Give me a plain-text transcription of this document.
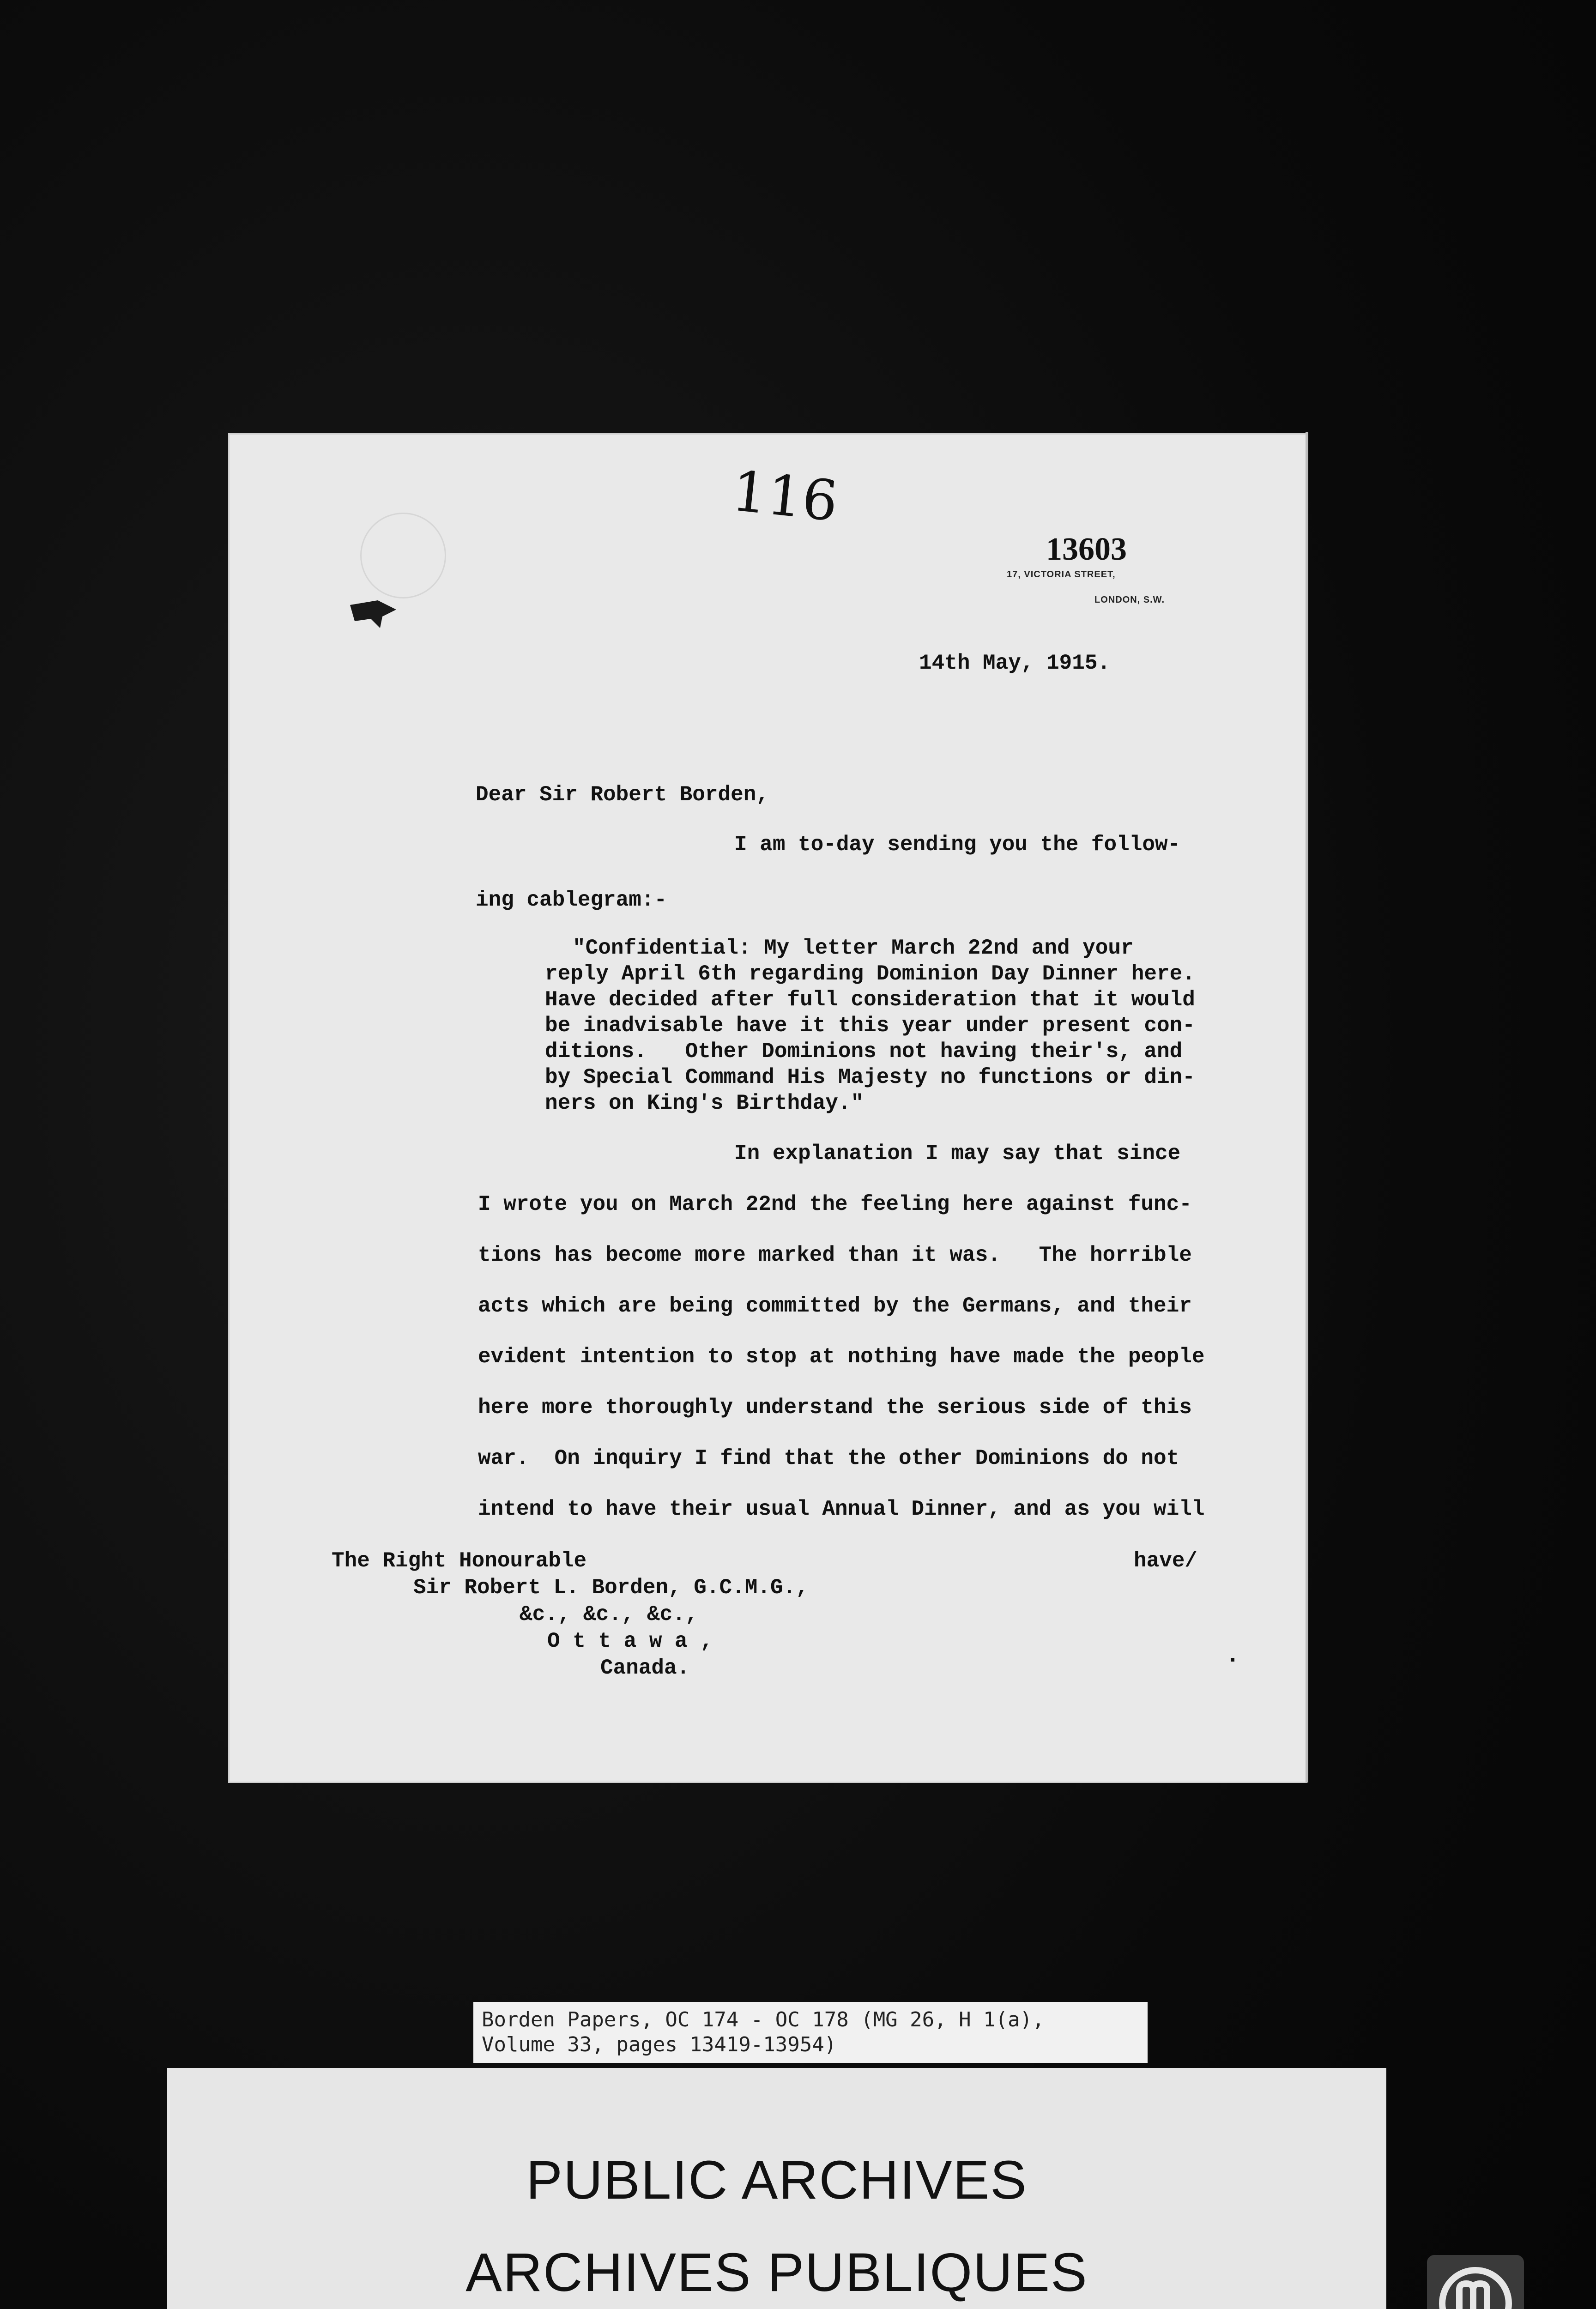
116
13603
17, VICTORIA STREET,
LONDON, S.W.
14th May, 1915.
Dear Sir Robert Borden,
I am to-day sending you the follow-
ing cablegram:-
"Confidential: My letter March 22nd and your
reply April 6th regarding Dominion Day Dinner here.
Have decided after full consideration that it would
be inadvisable have it this year under present con-
ditions.   Other Dominions not having their's, and
by Special Command His Majesty no functions or din-
ners on King's Birthday."
In explanation I may say that since
I wrote you on March 22nd the feeling here against func-
tions has become more marked than it was.   The horrible
acts which are being committed by the Germans, and their
evident intention to stop at nothing have made the people
here more thoroughly understand the serious side of this
war.  On inquiry I find that the other Dominions do not
intend to have their usual Annual Dinner, and as you will
The Right Honourable
Sir Robert L. Borden, G.C.M.G.,
&c., &c., &c.,
O t t a w a ,
Canada.
have/
Borden Papers, OC 174 - OC 178 (MG 26, H 1(a),
Volume 33, pages 13419-13954)
PUBLIC ARCHIVES
ARCHIVES PUBLIQUES
